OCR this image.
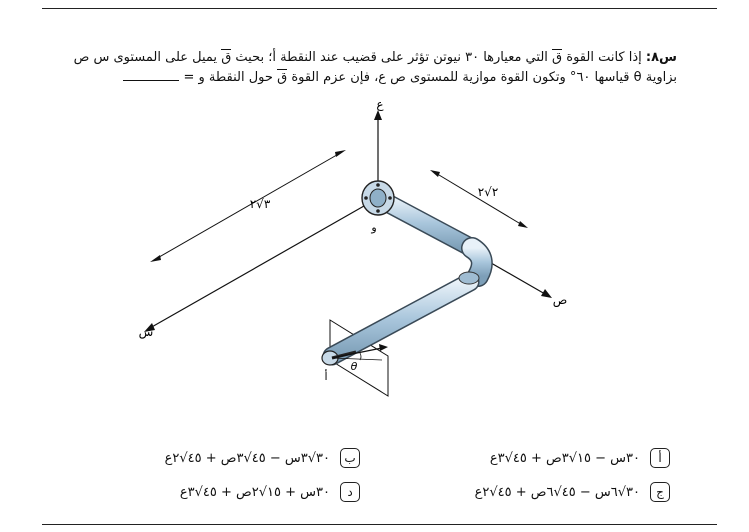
س٨: إذا كانت القوة ق التي معيارها ٣٠ نيوتن تؤثر على قضيب عند النقطة أ؛ بحيث ق يميل على المستوى س ص
بزاوية θ قياسها ٦٠° وتكون القوة موازية للمستوى ص ع، فإن عزم القوة ق حول النقطة و =
ع
س
ص
٣√٢
٢√٢
و
أ
θ
أ
٣٠س − ١٥√٣ص + ٤٥√٣ع
ب
٣٠√٣س − ٤٥√٣ص + ٤٥√٢ع
ج
٣٠√٦س − ٤٥√٦ص + ٤٥√٢ع
د
٣٠س + ١٥√٢ص + ٤٥√٣ع
